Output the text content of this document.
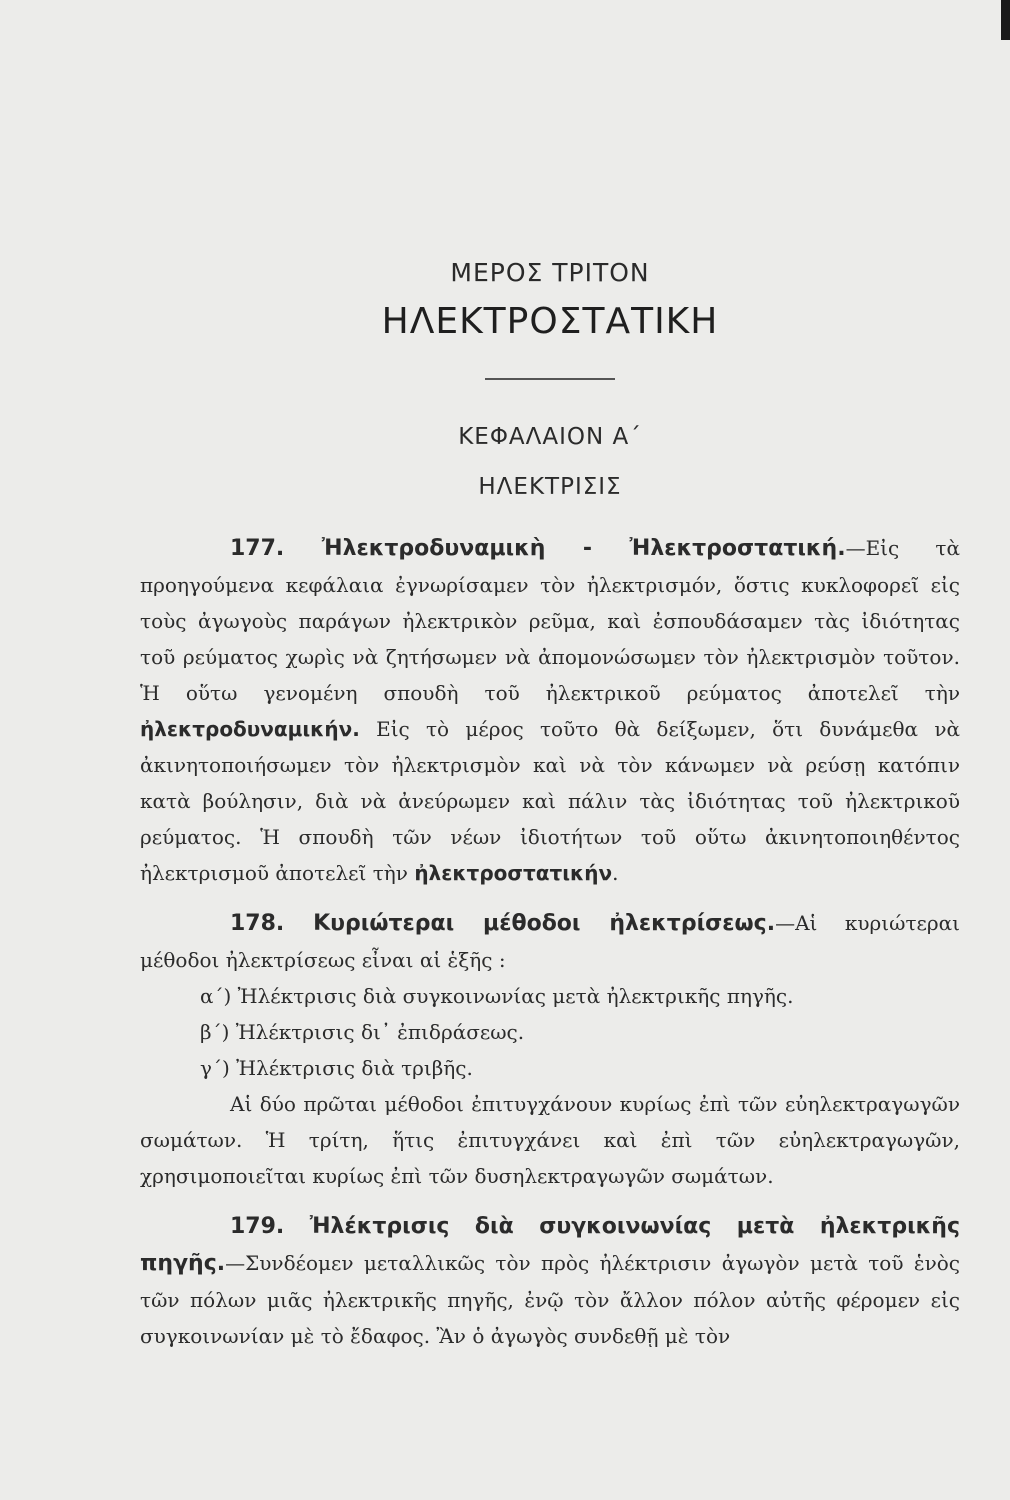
ΜΕΡΟΣ ΤΡΙΤΟΝ
ΗΛΕΚΤΡΟΣΤΑΤΙΚΗ
ΚΕΦΑΛΑΙΟΝ Α΄
ΗΛΕΚΤΡΙΣΙΣ

177. Ἠλεκτροδυναμικὴ - Ἠλεκτροστατική.—Εἰς τὰ προηγούμενα κεφάλαια ἐγνωρίσαμεν τὸν ἠλεκτρισμόν, ὅστις κυκλοφορεῖ εἰς τοὺς ἀγωγοὺς παράγων ἠλεκτρικὸν ρεῦμα, καὶ ἐσπουδάσαμεν τὰς ἰδιότητας τοῦ ρεύματος χωρὶς νὰ ζητήσωμεν νὰ ἀπομονώσωμεν τὸν ἠλεκτρισμὸν τοῦτον. Ἡ οὕτω γενομένη σπουδὴ τοῦ ἠλεκτρικοῦ ρεύματος ἀποτελεῖ τὴν ἠλεκτροδυναμικήν. Εἰς τὸ μέρος τοῦτο θὰ δείξωμεν, ὅτι δυνάμεθα νὰ ἀκινητοποιήσωμεν τὸν ἠλεκτρισμὸν καὶ νὰ τὸν κάνωμεν νὰ ρεύσῃ κατόπιν κατὰ βούλησιν, διὰ νὰ ἀνεύρωμεν καὶ πάλιν τὰς ἰδιότητας τοῦ ἠλεκτρικοῦ ρεύματος. Ἡ σπουδὴ τῶν νέων ἰδιοτήτων τοῦ οὕτω ἀκινητοποιηθέντος ἠλεκτρισμοῦ ἀποτελεῖ τὴν ἠλεκτροστατικήν.

178. Κυριώτεραι μέθοδοι ἠλεκτρίσεως.—Αἱ κυριώτεραι μέθοδοι ἠλεκτρίσεως εἶναι αἱ ἑξῆς :

α΄) Ἠλέκτρισις διὰ συγκοινωνίας μετὰ ἠλεκτρικῆς πηγῆς.
β΄) Ἠλέκτρισις δι᾿ ἐπιδράσεως.
γ΄) Ἠλέκτρισις διὰ τριβῆς.

Αἱ δύο πρῶται μέθοδοι ἐπιτυγχάνουν κυρίως ἐπὶ τῶν εὐηλεκτραγωγῶν σωμάτων. Ἡ τρίτη, ἥτις ἐπιτυγχάνει καὶ ἐπὶ τῶν εὐηλεκτραγωγῶν, χρησιμοποιεῖται κυρίως ἐπὶ τῶν δυσηλεκτραγωγῶν σωμάτων.

179. Ἠλέκτρισις διὰ συγκοινωνίας μετὰ ἠλεκτρικῆς πηγῆς.—Συνδέομεν μεταλλικῶς τὸν πρὸς ἠλέκτρισιν ἀγωγὸν μετὰ τοῦ ἑνὸς τῶν πόλων μιᾶς ἠλεκτρικῆς πηγῆς, ἐνῷ τὸν ἄλλον πόλον αὐτῆς φέρομεν εἰς συγκοινωνίαν μὲ τὸ ἔδαφος. Ἂν ὁ ἀγωγὸς συνδεθῇ μὲ τὸν
